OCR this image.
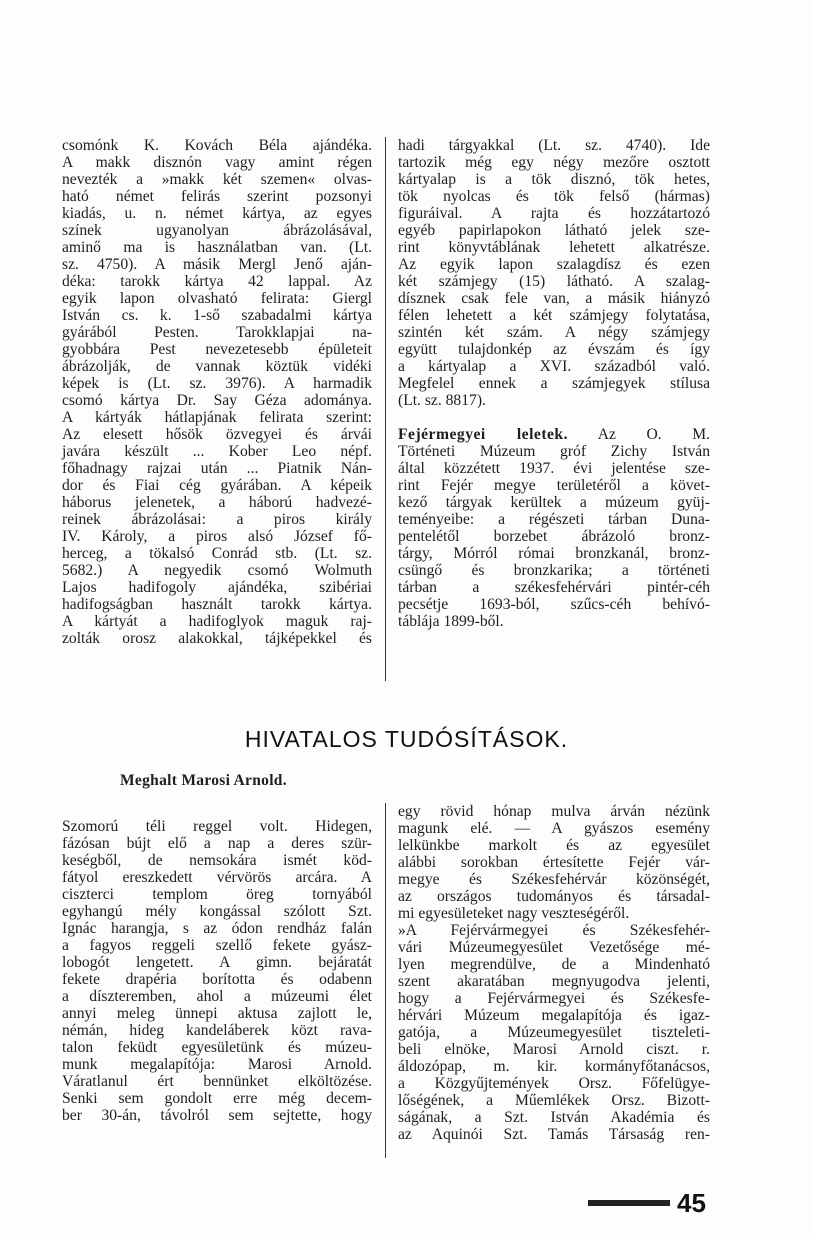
csomónk K. Kovách Béla ajándéka.
A makk disznón vagy amint régen
nevezték a »makk két szemen« olvas-
ható német felirás szerint pozsonyi
kiadás, u. n. német kártya, az egyes
színek ugyanolyan ábrázolásával,
aminő ma is használatban van. (Lt.
sz. 4750). A másik Mergl Jenő aján-
déka: tarokk kártya 42 lappal. Az
egyik lapon olvasható felirata: Giergl
István cs. k. 1-ső szabadalmi kártya
gyárából Pesten. Tarokklapjai na-
gyobbára Pest nevezetesebb épületeit
ábrázolják, de vannak köztük vidéki
képek is (Lt. sz. 3976). A harmadik
csomó kártya Dr. Say Géza adománya.
A kártyák hátlapjának felirata szerint:
Az elesett hősök özvegyei és árvái
javára készült ... Kober Leo népf.
főhadnagy rajzai után ... Piatnik Nán-
dor és Fiai cég gyárában. A képeik
háborus jelenetek, a háború hadvezé-
reinek ábrázolásai: a piros király
IV. Károly, a piros alsó József fő-
herceg, a tökalsó Conrád stb. (Lt. sz.
5682.) A negyedik csomó Wolmuth
Lajos hadifogoly ajándéka, szibériai
hadifogságban használt tarokk kártya.
A kártyát a hadifoglyok maguk raj-
zolták orosz alakokkal, tájképekkel és
hadi tárgyakkal (Lt. sz. 4740). Ide
tartozik még egy négy mezőre osztott
kártyalap is a tök disznó, tök hetes,
tök nyolcas és tök felső (hármas)
figuráival. A rajta és hozzátartozó
egyéb papirlapokon látható jelek sze-
rint könyvtáblának lehetett alkatrésze.
Az egyik lapon szalagdísz és ezen
két számjegy (15) látható. A szalag-
dísznek csak fele van, a másik hiányzó
félen lehetett a két számjegy folytatása,
szintén két szám. A négy számjegy
együtt tulajdonkép az évszám és így
a kártyalap a XVI. századból való.
Megfelel ennek a számjegyek stílusa
(Lt. sz. 8817).
Fejérmegyei leletek. Az O. M.
Történeti Múzeum gróf Zichy István
által közzétett 1937. évi jelentése sze-
rint Fejér megye területéről a követ-
kező tárgyak kerültek a múzeum gyüj-
teményeibe: a régészeti tárban Duna-
pentelétől borzebet ábrázoló bronz-
tárgy, Mórról római bronzkanál, bronz-
csüngő és bronzkarika; a történeti
tárban a székesfehérvári pintér-céh
pecsétje 1693-ból, szűcs-céh behívó-
táblája 1899-ből.
HIVATALOS TUDÓSÍTÁSOK.
Meghalt Marosi Arnold.
Szomorú téli reggel volt. Hidegen,
fázósan bújt elő a nap a deres szür-
keségből, de nemsokára ismét köd-
fátyol ereszkedett vérvörös arcára. A
ciszterci templom öreg tornyából
egyhangú mély kongással szólott Szt.
Ignác harangja, s az ódon rendház falán
a fagyos reggeli szellő fekete gyász-
lobogót lengetett. A gimn. bejáratát
fekete drapéria borította és odabenn
a díszteremben, ahol a múzeumi élet
annyi meleg ünnepi aktusa zajlott le,
némán, hideg kandeláberek közt rava-
talon feküdt egyesületünk és múzeu-
munk megalapítója: Marosi Arnold.
Váratlanul ért bennünket elköltözése.
Senki sem gondolt erre még decem-
ber 30-án, távolról sem sejtette, hogy
egy rövid hónap mulva árván nézünk
magunk elé. — A gyászos esemény
lelkünkbe markolt és az egyesület
alábbi sorokban értesítette Fejér vár-
megye és Székesfehérvár közönségét,
az országos tudományos és társadal-
mi egyesületeket nagy veszteségéről.
»A Fejérvármegyei és Székesfehér-
vári Múzeumegyesület Vezetősége mé-
lyen megrendülve, de a Mindenható
szent akaratában megnyugodva jelenti,
hogy a Fejérvármegyei és Székesfe-
hérvári Múzeum megalapítója és igaz-
gatója, a Múzeumegyesület tiszteleti-
beli elnöke, Marosi Arnold ciszt. r.
áldozópap, m. kir. kormányfőtanácsos,
a Közgyűjtemények Orsz. Főfelügye-
lőségének, a Műemlékek Orsz. Bizott-
ságának, a Szt. István Akadémia és
az Aquinói Szt. Tamás Társaság ren-
45
